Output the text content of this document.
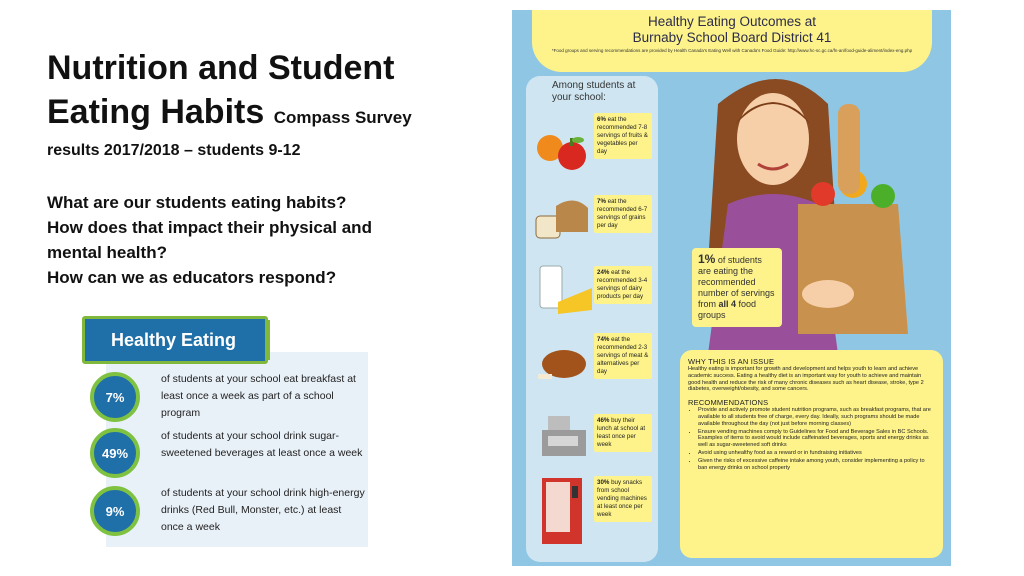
Nutrition and Student
Eating Habits Compass Survey
results 2017/2018 – students 9-12
What are our students eating habits?
How does that impact their physical and
mental health?
How can we as educators respond?
Healthy Eating
7%
of students at your school eat breakfast at least once a week as part of a school program
49%
of students at your school drink sugar-sweetened beverages at least once a week
9%
of students at your school drink high-energy drinks (Red Bull, Monster, etc.) at least once a week
Healthy Eating Outcomes at
Burnaby School Board District 41
*Food groups and serving recommendations are provided by Health Canada's Eating Well with Canada's Food Guide: http://www.hc-sc.gc.ca/fn-an/food-guide-aliment/index-eng.php
Among students at your school:
6% eat the recommended 7-8 servings of fruits & vegetables per day
7% eat the recommended 6-7 servings of grains per day
24% eat the recommended 3-4 servings of dairy products per day
74% eat the recommended 2-3 servings of meat & alternatives per day
46% buy their lunch at school at least once per week
30% buy snacks from school vending machines at least once per week
1% of students are eating the recommended number of servings from all 4 food groups
WHY THIS IS AN ISSUE

Healthy eating is important for growth and development and helps youth to learn and achieve academic success. Eating a healthy diet is an important way for youth to achieve and maintain good health and reduce the risk of many chronic diseases such as heart disease, stroke, type 2 diabetes, overweight/obesity, and some cancers.

RECOMMENDATIONS
• Provide and actively promote student nutrition programs, such as breakfast programs, that are available to all students free of charge, every day. Ideally, such programs should be made available throughout the day (not just before morning classes)
• Ensure vending machines comply to Guidelines for Food and Beverage Sales in BC Schools. Examples of items to avoid would include caffeinated beverages, sports and energy drinks as well as sugar-sweetened soft drinks
• Avoid using unhealthy food as a reward or in fundraising initiatives
• Given the risks of excessive caffeine intake among youth, consider implementing a policy to ban energy drinks on school property
